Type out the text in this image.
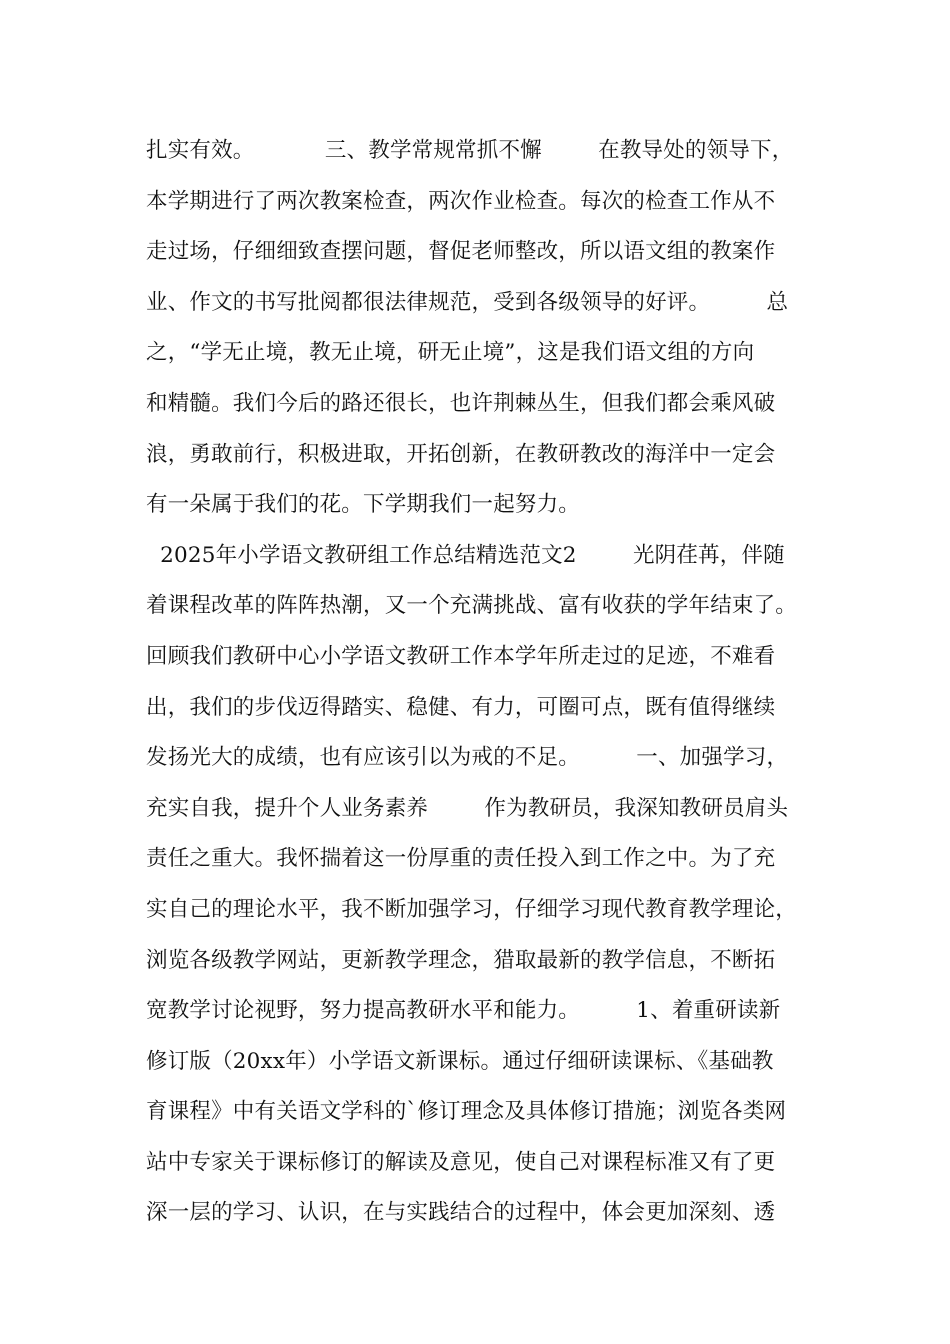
扎实有效。          三、教学常规常抓不懈        在教导处的领导下，
本学期进行了两次教案检查，两次作业检查。每次的检查工作从不
走过场，仔细细致查摆问题，督促老师整改，所以语文组的教案作
业、作文的书写批阅都很法律规范，受到各级领导的好评。        总
之，“学无止境，教无止境，研无止境”，这是我们语文组的方向
和精髓。我们今后的路还很长，也许荆棘丛生，但我们都会乘风破
浪，勇敢前行，积极进取，开拓创新，在教研教改的海洋中一定会
有一朵属于我们的花。下学期我们一起努力。
2025年小学语文教研组工作总结精选范文2        光阴荏苒，伴随
着课程改革的阵阵热潮，又一个充满挑战、富有收获的学年结束了。
回顾我们教研中心小学语文教研工作本学年所走过的足迹，不难看
出，我们的步伐迈得踏实、稳健、有力，可圈可点，既有值得继续
发扬光大的成绩，也有应该引以为戒的不足。        一、加强学习，
充实自我，提升个人业务素养        作为教研员，我深知教研员肩头
责任之重大。我怀揣着这一份厚重的责任投入到工作之中。为了充
实自己的理论水平，我不断加强学习，仔细学习现代教育教学理论，
浏览各级教学网站，更新教学理念，猎取最新的教学信息，不断拓
宽教学讨论视野，努力提高教研水平和能力。        1、着重研读新
修订版（20xx年）小学语文新课标。通过仔细研读课标、《基础教
育课程》中有关语文学科的`修订理念及具体修订措施；浏览各类网
站中专家关于课标修订的解读及意见，使自己对课程标准又有了更
深一层的学习、认识，在与实践结合的过程中，体会更加深刻、透
